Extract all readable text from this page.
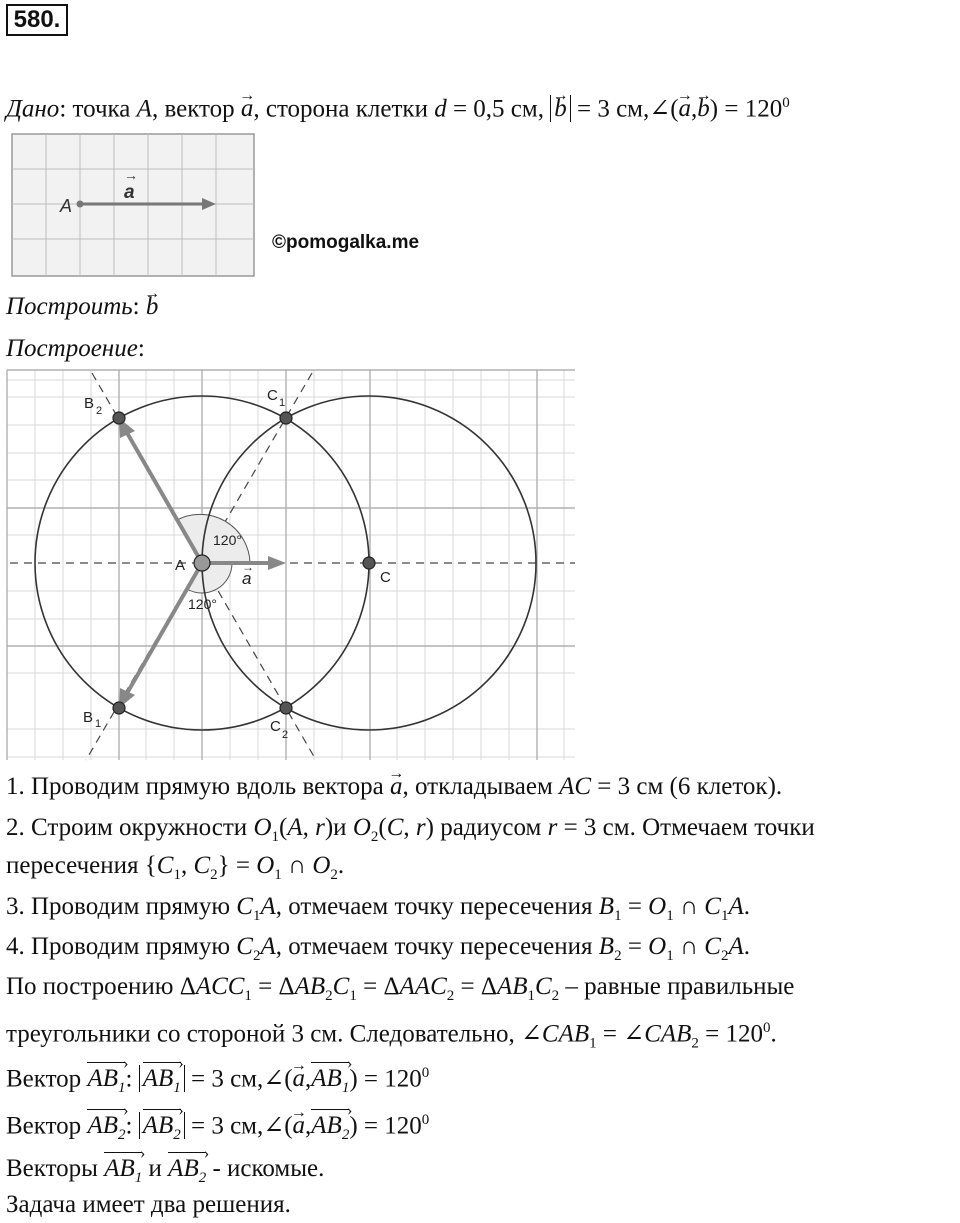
580.
Дано: точка A, вектор → a, сторона клетки d = 0,5 см, → b = 3 см,∠(→ $a,\to b) = 120^0$
A
a
→
©pomogalka.me
Построить: → b
Построение:
B 2
C 1
A
a
→
C
B 1	C 2
120°
120°
1. Проводим прямую вдоль вектора → a, откладываем AC = 3 см (6 клеток).
2. Строим окружности $O_1(A$, r)и $O_2(C$, r) радиусом r = 3 см. Отмечаем точки
пересечения {$C_1$, $C_2\} = O_1$ ∩ $O_2$.
3. Проводим прямую $C_1A$, отмечаем точку пересечения $B_1 = O_1$ ∩ $C_1A$.
4. Проводим прямую $C_2A$, отмечаем точку пересечения $B_2 = O_1$ ∩ $C_2A$.
По построению $\Delta ACC_1 = \Delta AB_2C_1 = \Delta AAC_2 = \Delta AB_1C_2$ – равные правильные
треугольники со стороной 3 см. Следовательно, $\angle CAB_1$ = $\angle CAB_2 = 120^0$.
Вектор $AB_1$ ›: $AB_1$ › = 3 см,∠(→ $a,AB_1$ ›) = $120^0$
Вектор $AB_2$ ›: $AB_2$ › = 3 см,∠(→ $a,AB_2$ ›) = $120^0$
Векторы $AB_1$ › и $AB_2$ › - искомые.
Задача имеет два решения.
